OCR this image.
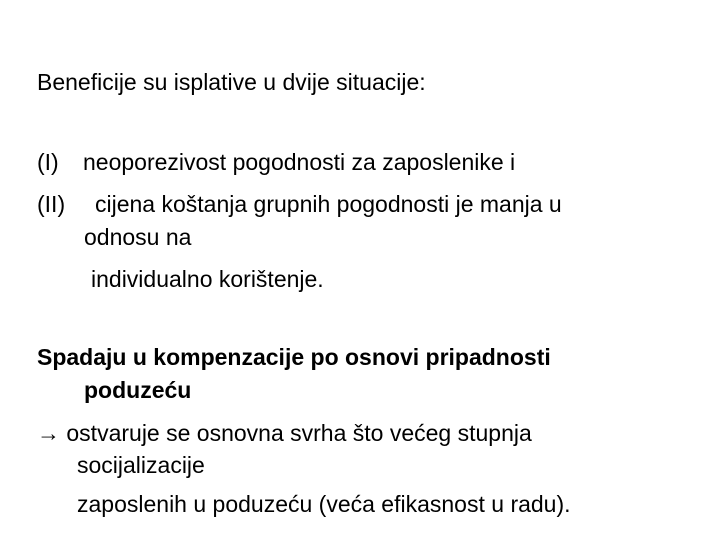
Beneficije su isplative u dvije situacije:
(I) neoporezivost pogodnosti za zaposlenike i
(II) cijena koštanja grupnih pogodnosti je manja u
odnosu na
individualno korištenje.
Spadaju u kompenzacije po osnovi pripadnosti
poduzeću
→ ostvaruje se osnovna svrha što većeg stupnja
socijalizacije
zaposlenih u poduzeću (veća efikasnost u radu).
